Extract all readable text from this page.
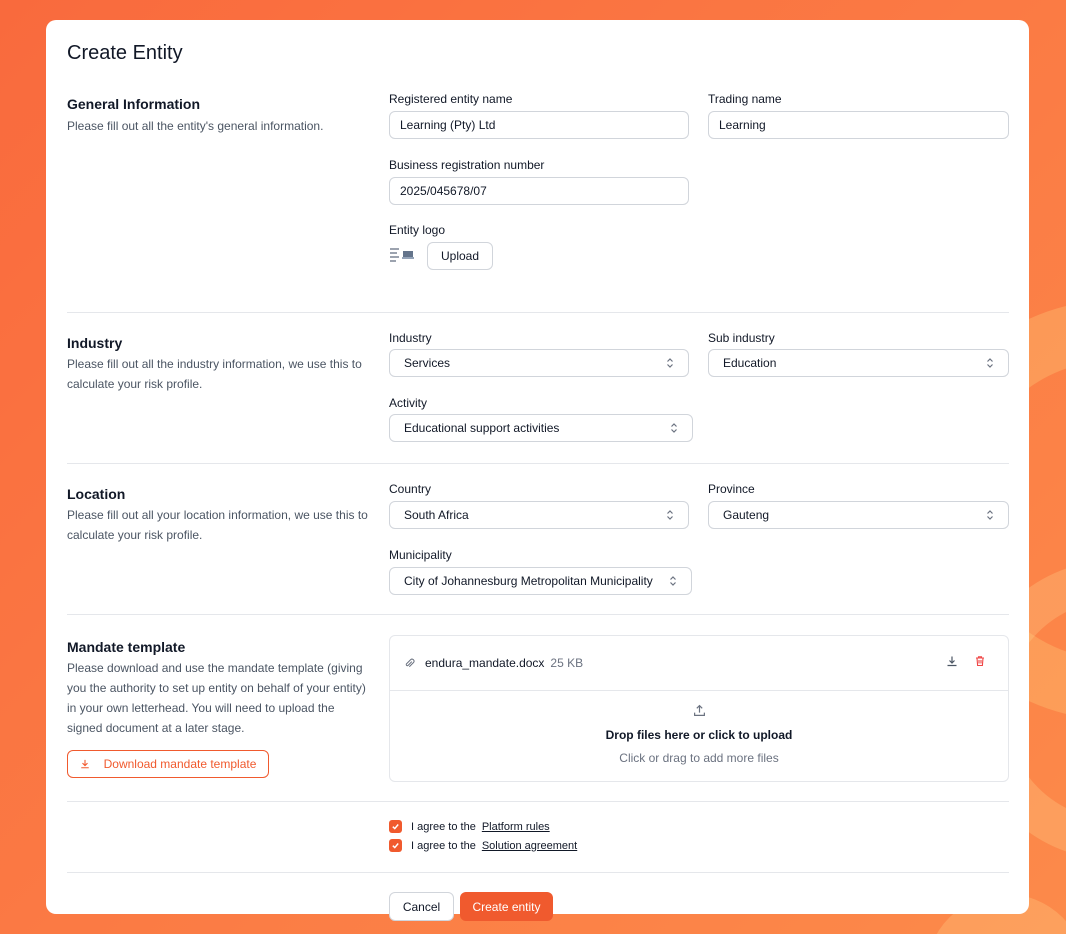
Create Entity
General Information
Please fill out all the entity's general information.
Registered entity name
Learning (Pty) Ltd
Trading name
Learning
Business registration number
2025/045678/07
Entity logo
Upload
Industry
Please fill out all the industry information, we use this to calculate your risk profile.
Industry
Services
Sub industry
Education
Activity
Educational support activities
Location
Please fill out all your location information, we use this to calculate your risk profile.
Country
South Africa
Province
Gauteng
Municipality
City of Johannesburg Metropolitan Municipality
Mandate template
Please download and use the mandate template (giving you the authority to set up entity on behalf of your entity) in your own letterhead. You will need to upload the signed document at a later stage.
Download mandate template
endura_mandate.docx 25 KB
Drop files here or click to upload
Click or drag to add more files
I agree to the Platform rules
I agree to the Solution agreement
Cancel	Create entity
